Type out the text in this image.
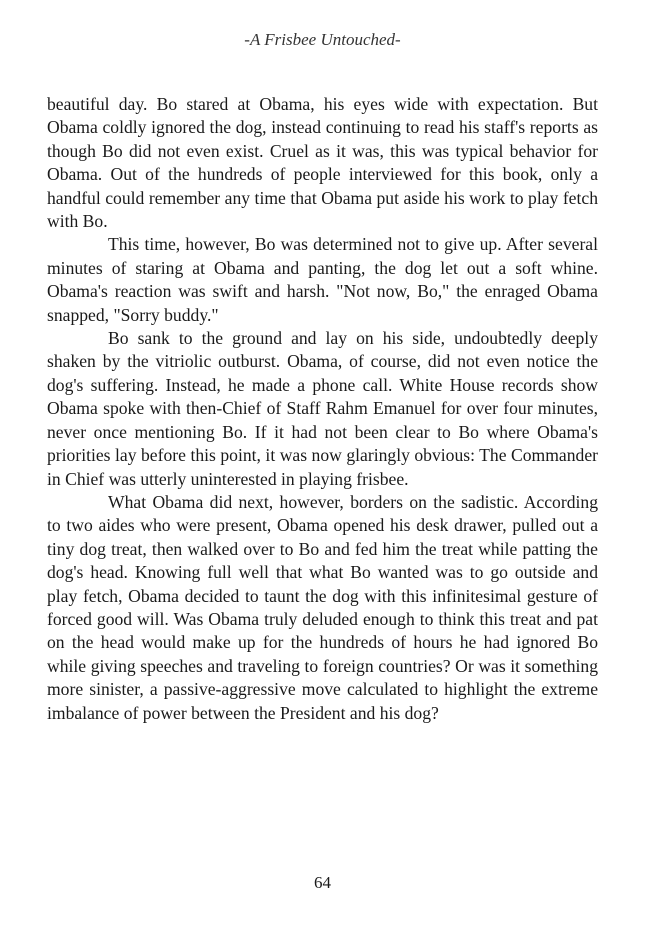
-A Frisbee Untouched-

beautiful day. Bo stared at Obama, his eyes wide with expectation. But Obama coldly ignored the dog, instead continuing to read his staff's reports as though Bo did not even exist. Cruel as it was, this was typical behavior for Obama. Out of the hundreds of people interviewed for this book, only a handful could remember any time that Obama put aside his work to play fetch with Bo.

This time, however, Bo was determined not to give up. After several minutes of staring at Obama and panting, the dog let out a soft whine. Obama's reaction was swift and harsh. "Not now, Bo," the enraged Obama snapped, "Sorry buddy."

Bo sank to the ground and lay on his side, undoubtedly deeply shaken by the vitriolic outburst. Obama, of course, did not even notice the dog's suffering. Instead, he made a phone call. White House records show Obama spoke with then-Chief of Staff Rahm Emanuel for over four minutes, never once mentioning Bo. If it had not been clear to Bo where Obama's priorities lay before this point, it was now glaringly obvious: The Commander in Chief was utterly uninterested in playing frisbee.

What Obama did next, however, borders on the sadistic. According to two aides who were present, Obama opened his desk drawer, pulled out a tiny dog treat, then walked over to Bo and fed him the treat while patting the dog's head. Knowing full well that what Bo wanted was to go outside and play fetch, Obama decided to taunt the dog with this infinitesimal gesture of forced good will. Was Obama truly deluded enough to think this treat and pat on the head would make up for the hundreds of hours he had ignored Bo while giving speeches and traveling to foreign countries? Or was it something more sinister, a passive-aggressive move calculated to highlight the extreme imbalance of power between the President and his dog?

64
